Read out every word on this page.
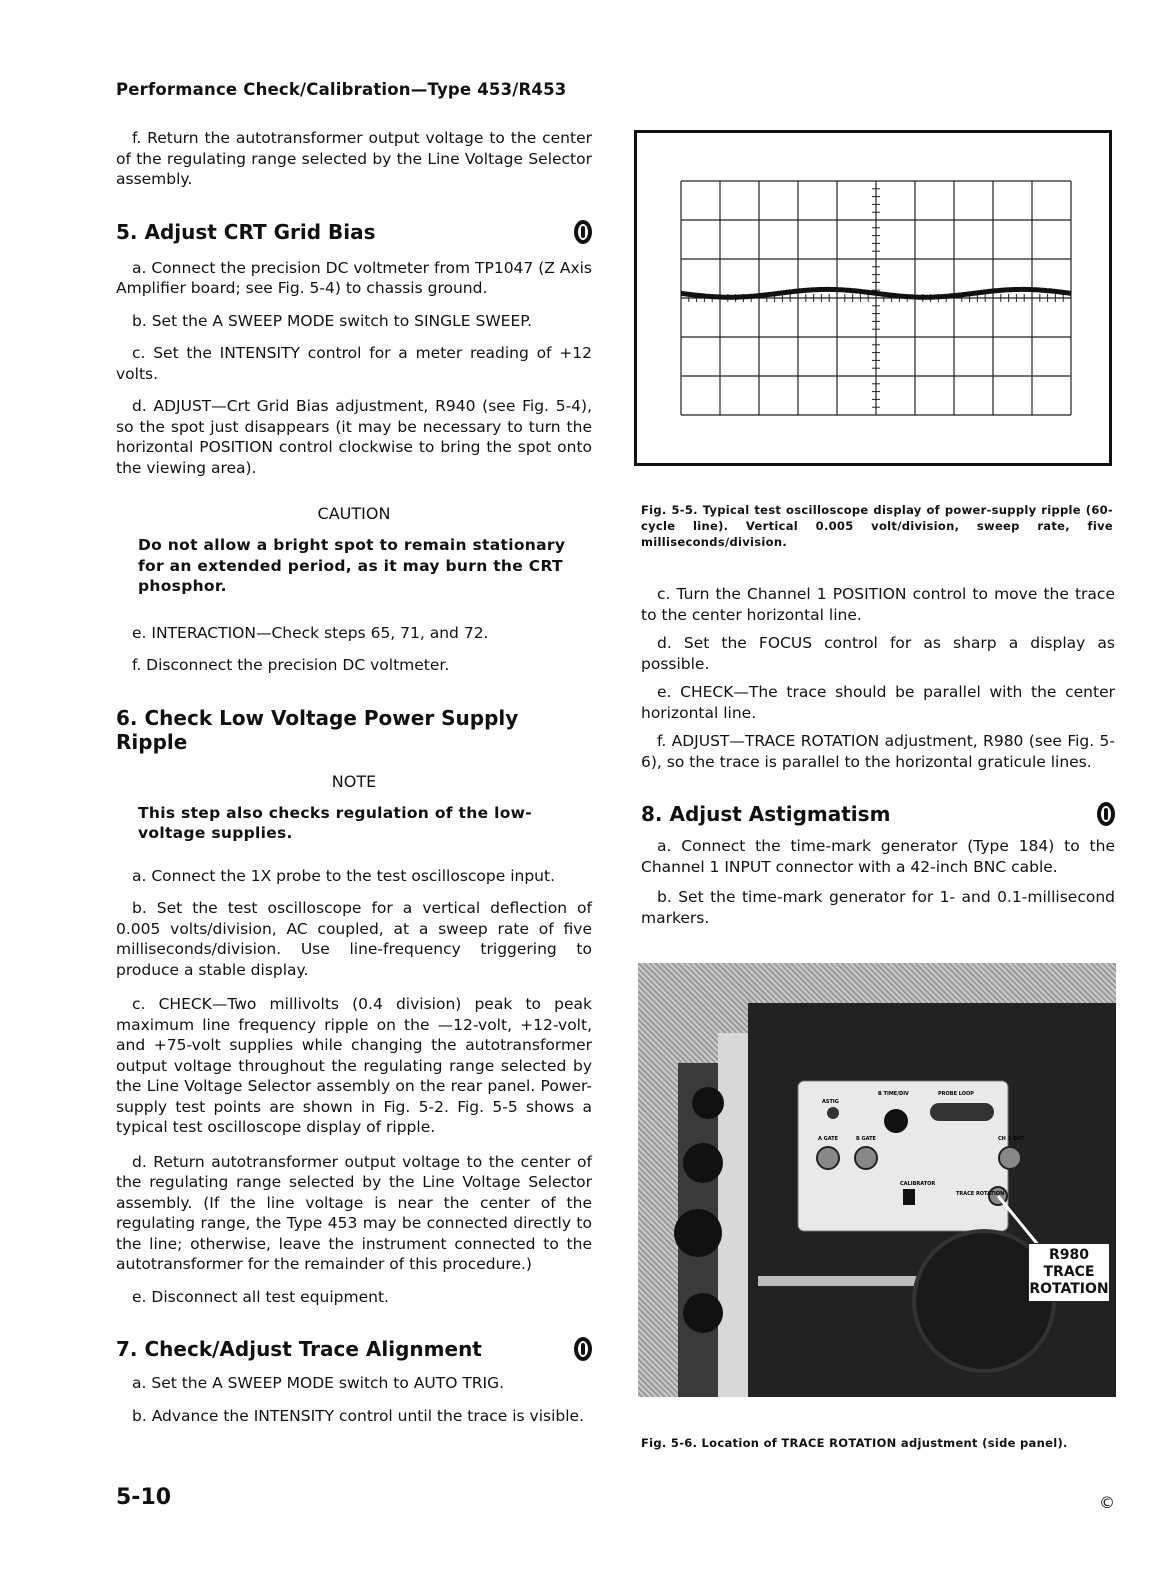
Performance Check/Calibration—Type 453/R453

f. Return the autotransformer output voltage to the center of the regulating range selected by the Line Voltage Selector assembly.

5. Adjust CRT Grid Bias

a. Connect the precision DC voltmeter from TP1047 (Z Axis Amplifier board; see Fig. 5-4) to chassis ground.

b. Set the A SWEEP MODE switch to SINGLE SWEEP.

c. Set the INTENSITY control for a meter reading of +12 volts.

d. ADJUST—Crt Grid Bias adjustment, R940 (see Fig. 5-4), so the spot just disappears (it may be necessary to turn the horizontal POSITION control clockwise to bring the spot onto the viewing area).

CAUTION

Do not allow a bright spot to remain stationary for an extended period, as it may burn the CRT phosphor.

e. INTERACTION—Check steps 65, 71, and 72.

f. Disconnect the precision DC voltmeter.

6. Check Low Voltage Power Supply Ripple

NOTE

This step also checks regulation of the low-voltage supplies.

a. Connect the 1X probe to the test oscilloscope input.

b. Set the test oscilloscope for a vertical deflection of 0.005 volts/division, AC coupled, at a sweep rate of five milliseconds/division. Use line-frequency triggering to produce a stable display.

c. CHECK—Two millivolts (0.4 division) peak to peak maximum line frequency ripple on the —12-volt, +12-volt, and +75-volt supplies while changing the autotransformer output voltage throughout the regulating range selected by the Line Voltage Selector assembly on the rear panel. Power-supply test points are shown in Fig. 5-2. Fig. 5-5 shows a typical test oscilloscope display of ripple.

d. Return autotransformer output voltage to the center of the regulating range selected by the Line Voltage Selector assembly. (If the line voltage is near the center of the regulating range, the Type 453 may be connected directly to the line; otherwise, leave the instrument connected to the autotransformer for the remainder of this procedure.)

e. Disconnect all test equipment.

7. Check/Adjust Trace Alignment

a. Set the A SWEEP MODE switch to AUTO TRIG.

b. Advance the INTENSITY control until the trace is visible.

Fig. 5-5. Typical test oscilloscope display of power-supply ripple (60-cycle line). Vertical 0.005 volt/division, sweep rate, five milliseconds/division.

c. Turn the Channel 1 POSITION control to move the trace to the center horizontal line.

d. Set the FOCUS control for as sharp a display as possible.

e. CHECK—The trace should be parallel with the center horizontal line.

f. ADJUST—TRACE ROTATION adjustment, R980 (see Fig. 5-6), so the trace is parallel to the horizontal graticule lines.

8. Adjust Astigmatism

a. Connect the time-mark generator (Type 184) to the Channel 1 INPUT connector with a 42-inch BNC cable.

b. Set the time-mark generator for 1- and 0.1-millisecond markers.

ASTIG
A GATE	B GATE	CH 1 OUT
CALIBRATOR
TRACE ROTATION
PROBE LOOP
B TIME/DIV
R980
TRACE
ROTATION
Fig. 5-6. Location of TRACE ROTATION adjustment (side panel).
5-10	©
